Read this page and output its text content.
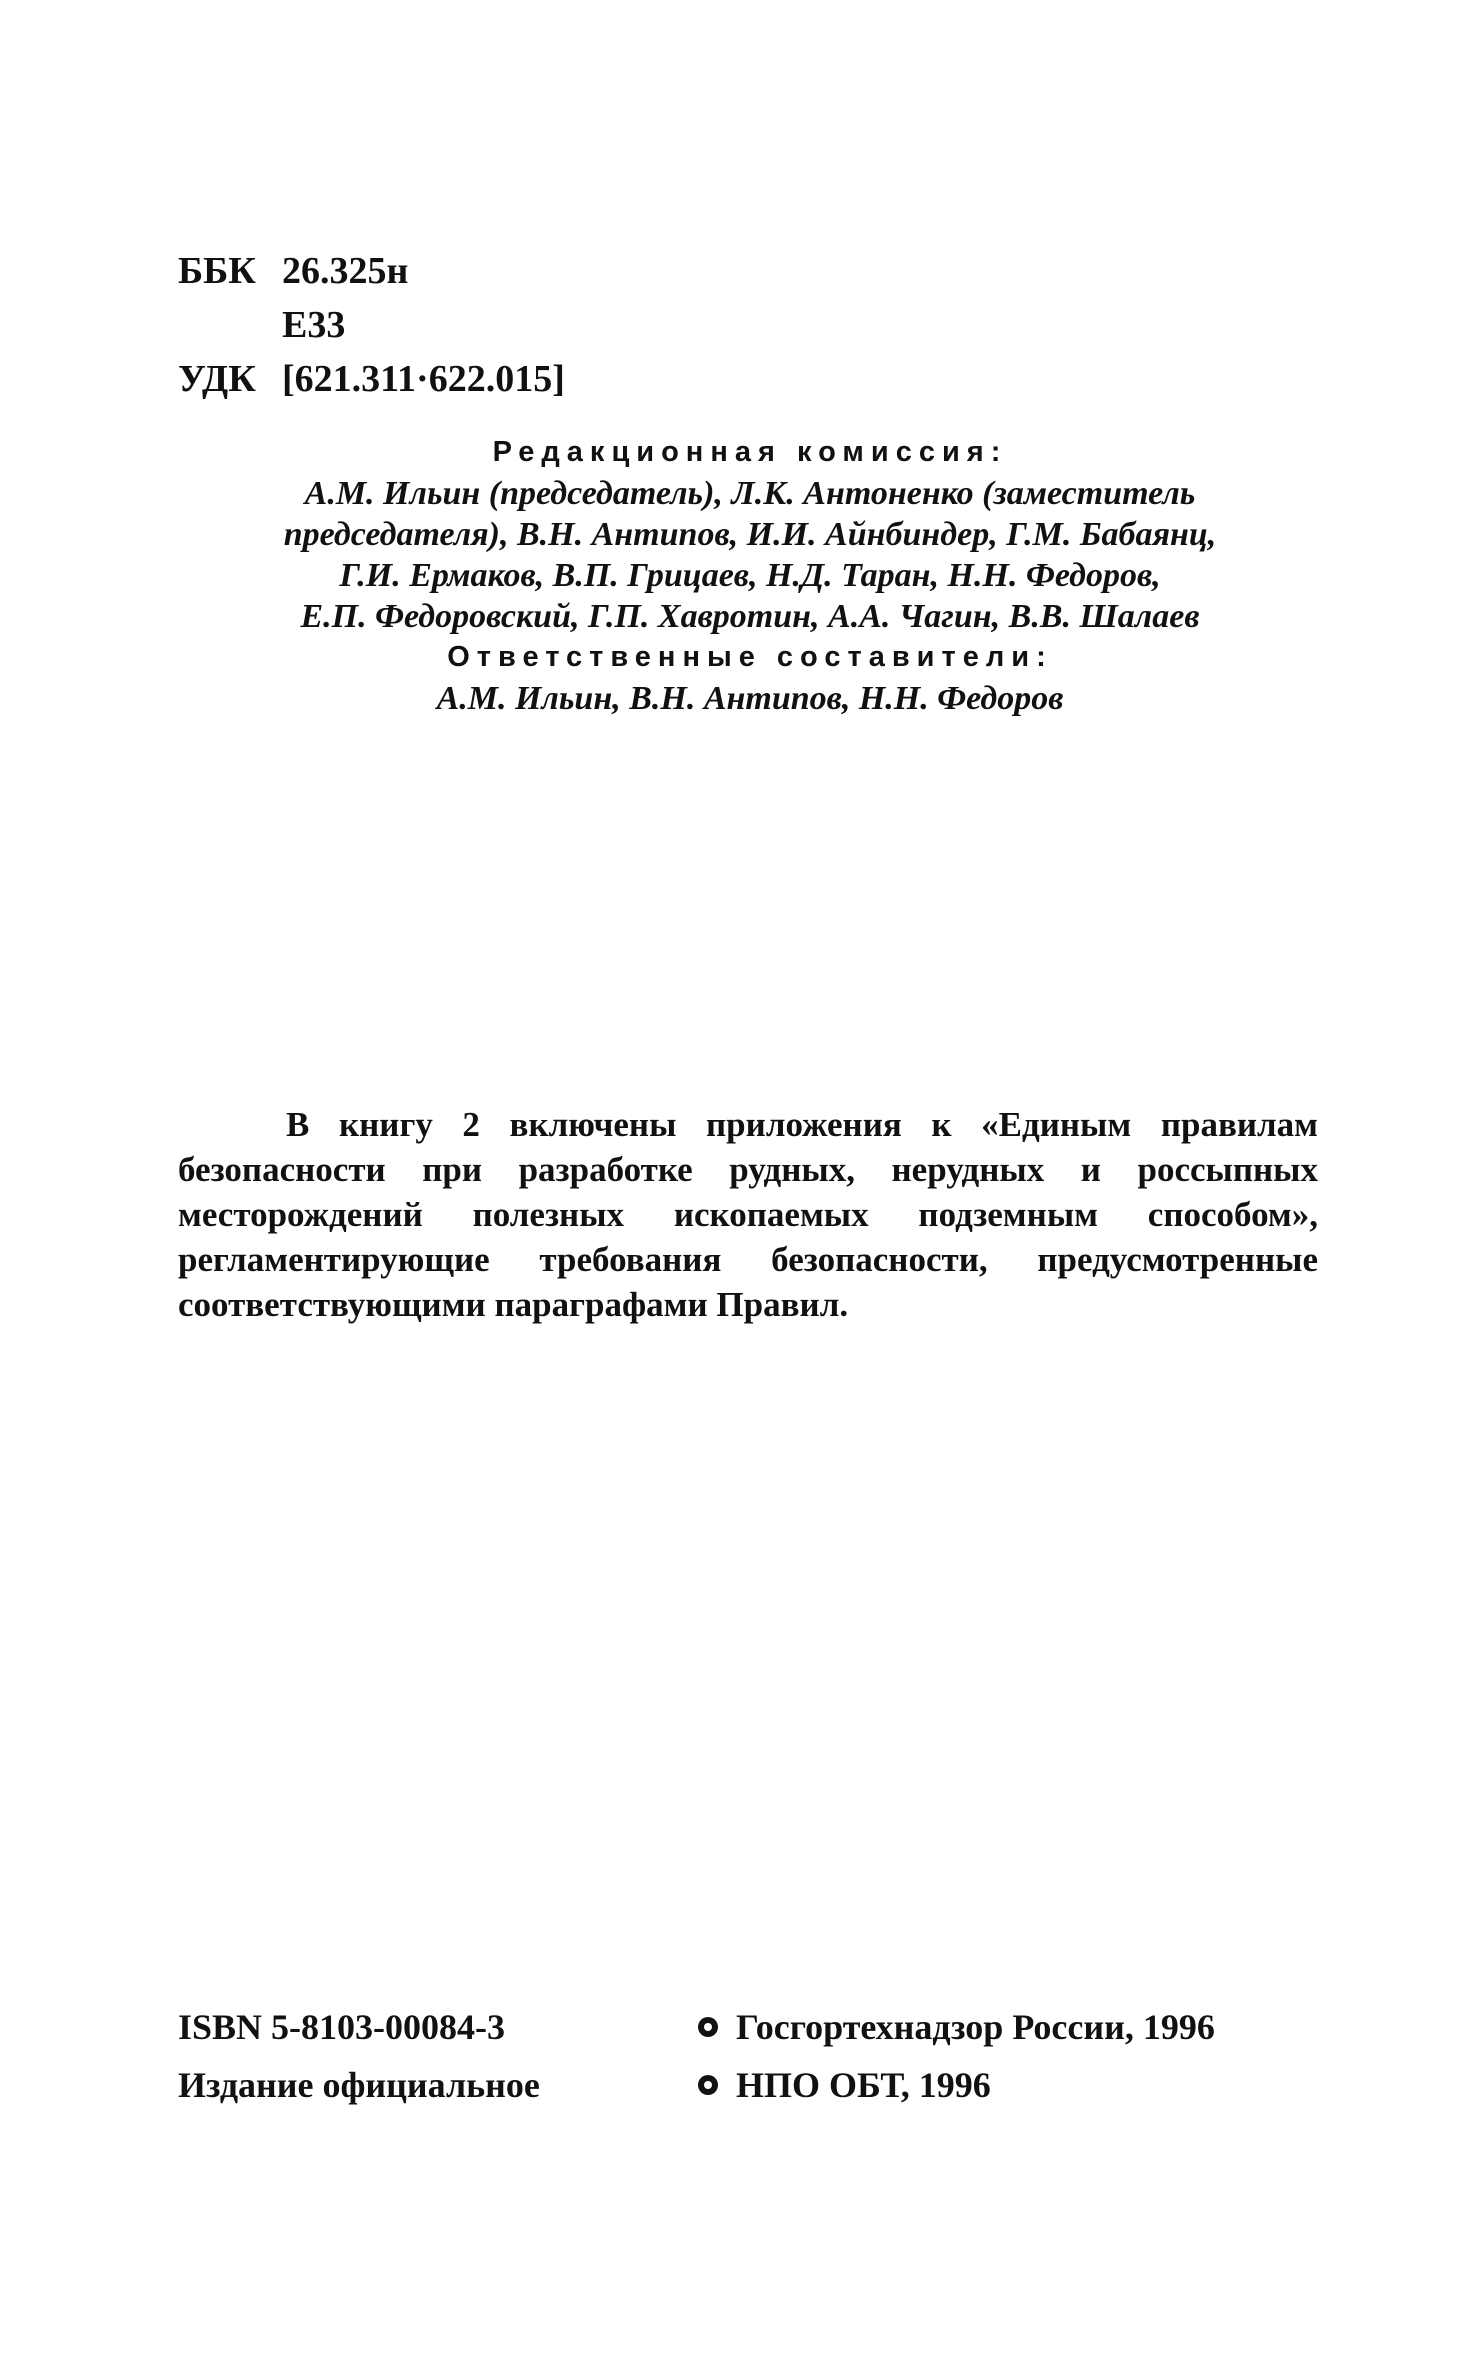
ББК 26.325н
Е33
УДК [621.311·622.015]
Редакционная комиссия:
А.М. Ильин (председатель), Л.К. Антоненко (заместитель
председателя), В.Н. Антипов, И.И. Айнбиндер, Г.М. Бабаянц,
Г.И. Ермаков, В.П. Грицаев, Н.Д. Таран, Н.Н. Федоров,
Е.П. Федоровский, Г.П. Хавротин, А.А. Чагин, В.В. Шалаев
Ответственные составители:
А.М. Ильин, В.Н. Антипов, Н.Н. Федоров
В книгу 2 включены приложения к «Единым правилам безопасности при разработке рудных, нерудных и россыпных месторождений полезных ископаемых подземным способом», регламентирующие требования безопасности, предусмотренные соответствующими параграфами Правил.
ISBN 5-8103-00084-3	Госгортехнадзор России, 1996
Издание официальное	НПО ОБТ, 1996
